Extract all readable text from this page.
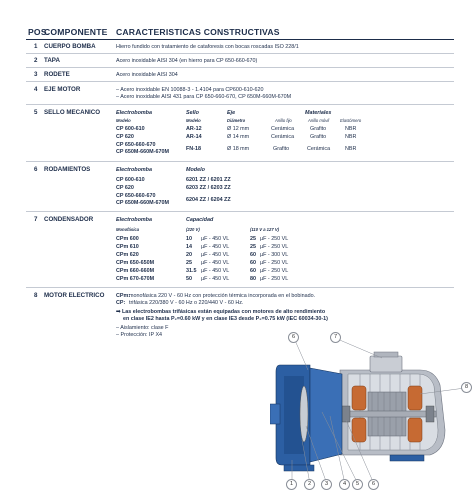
POS.
COMPONENTE CARACTERISTICAS CONSTRUCTIVAS
1 CUERPO BOMBA	Hierro fundido con tratamiento de cataforesis con bocas roscadas ISO 228/1
2 TAPA	Acero inoxidable AISI 304 (en hierro para CP 650-660-670)
3 RODETE	Acero inoxidable AISI 304
4 EJE MOTOR	– Acero inoxidable EN 10088-3 - 1.4104 para CP600-610-620
– Acero inoxidable AISI 431 para CP 650-660-670, CP 650M-660M-670M
5 SELLO MECANICO	Electrobomba	Sello	Eje	Materiales
Modelo	Modelo	Diámetro	Anillo fijo	Anillo móvil	Elastómero
CP 600-610	AR-12	Ø 12 mm	Cerámica	Grafito	NBR
CP 620	AR-14	Ø 14 mm	Cerámica	Grafito	NBR
CP 650-660-670
CP 650M-660M-670M	FN-18	Ø 18 mm	Grafito	Cerámica	NBR
6 RODAMIENTOS	Electrobomba	Modelo
CP 600-610	6201 ZZ / 6201 ZZ
CP 620	6203 ZZ / 6203 ZZ
CP 650-660-670
CP 650M-660M-670M	6204 ZZ / 6204 ZZ
7 CONDENSADOR	Electrobomba	Capacidad
Monofásica	(220 V)	(110 V a 127 V)
CPm 600	10 µF - 450 VL	25 µF - 250 VL
CPm 610	14 µF - 450 VL	25 µF - 250 VL
CPm 620	20 µF - 450 VL	60 µF - 300 VL
CPm 650-650M	25 µF - 450 VL	60 µF - 250 VL
CPm 660-660M	31.5 µF - 450 VL	60 µF - 250 VL
CPm 670-670M	50 µF - 450 VL	80 µF - 250 VL
8 MOTOR ELECTRICO CPm:
monofásica 220 V - 60 Hz con protección térmica incorporada en el bobinado.
CP: trifásica 220/380 V - 60 Hz o 220/440 V - 60 Hz.
➡ Las electrobombas trifásicas están equipadas con motores de alto rendimiento
en clase IE2 hasta P₂=0.60 kW y en clase IE3 desde P₂=0.75 kW (IEC 60034-30-1)
– Aislamiento: clase F
– Protección: IP X4	6	7
8
1	2	3	4	5	6
